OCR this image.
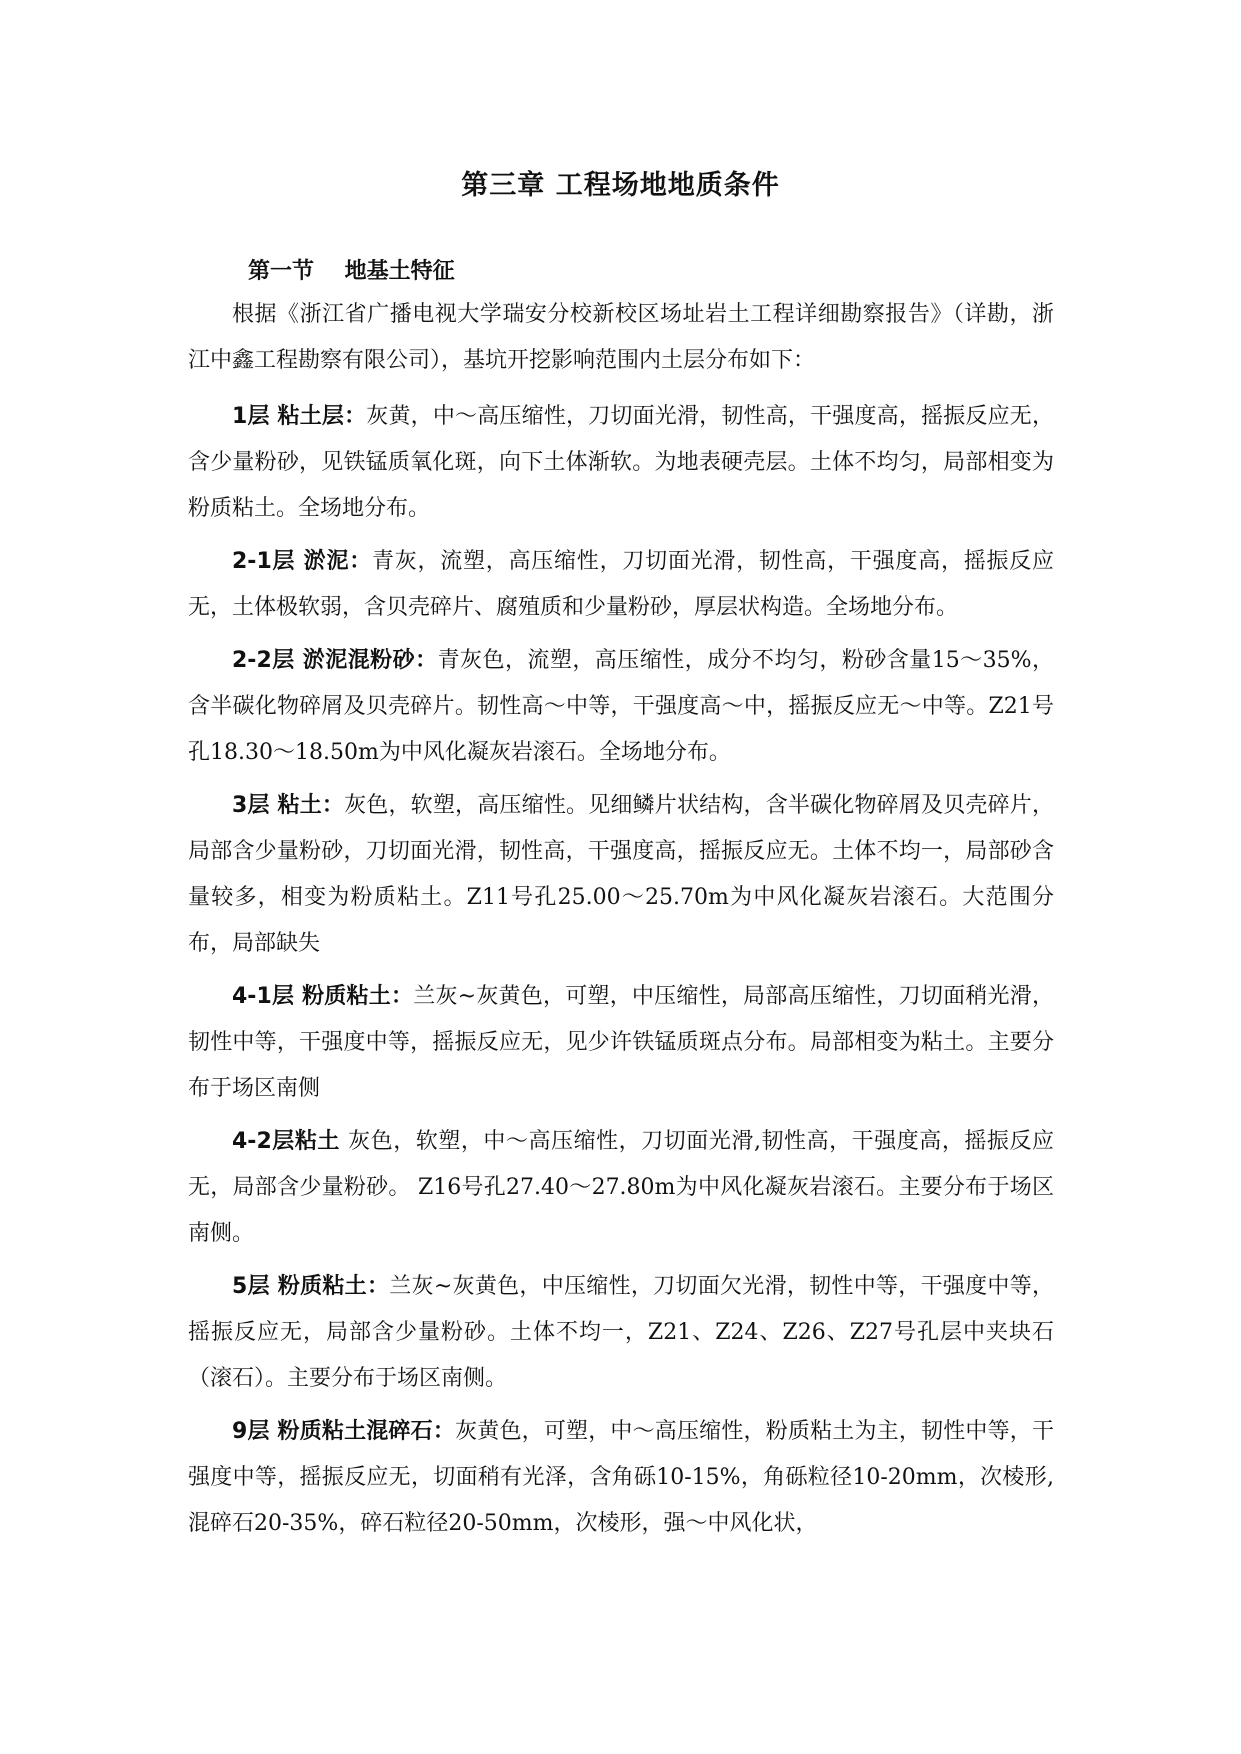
第三章 工程场地地质条件
第一节    地基土特征

根据《浙江省广播电视大学瑞安分校新校区场址岩土工程详细勘察报告》（详勘，浙江中鑫工程勘察有限公司），基坑开挖影响范围内土层分布如下：

1层 粘土层：灰黄，中～高压缩性，刀切面光滑，韧性高，干强度高，摇振反应无，含少量粉砂，见铁锰质氧化斑，向下土体渐软。为地表硬壳层。土体不均匀，局部相变为粉质粘土。全场地分布。

2-1层 淤泥：青灰，流塑，高压缩性，刀切面光滑，韧性高，干强度高，摇振反应无，土体极软弱，含贝壳碎片、腐殖质和少量粉砂，厚层状构造。全场地分布。

2-2层 淤泥混粉砂：青灰色，流塑，高压缩性，成分不均匀，粉砂含量15～35%，含半碳化物碎屑及贝壳碎片。韧性高～中等，干强度高～中，摇振反应无～中等。Z21号孔18.30～18.50m为中风化凝灰岩滚石。全场地分布。

3层 粘土：灰色，软塑，高压缩性。见细鳞片状结构，含半碳化物碎屑及贝壳碎片，局部含少量粉砂，刀切面光滑，韧性高，干强度高，摇振反应无。土体不均一，局部砂含量较多，相变为粉质粘土。Z11号孔25.00～25.70m为中风化凝灰岩滚石。大范围分布，局部缺失

4-1层 粉质粘土：兰灰~灰黄色，可塑，中压缩性，局部高压缩性，刀切面稍光滑，韧性中等，干强度中等，摇振反应无，见少许铁锰质斑点分布。局部相变为粘土。主要分布于场区南侧

4-2层粘土 灰色，软塑，中～高压缩性，刀切面光滑,韧性高，干强度高，摇振反应无，局部含少量粉砂。 Z16号孔27.40～27.80m为中风化凝灰岩滚石。主要分布于场区南侧。

5层 粉质粘土：兰灰~灰黄色，中压缩性，刀切面欠光滑，韧性中等，干强度中等，摇振反应无，局部含少量粉砂。土体不均一，Z21、Z24、Z26、Z27号孔层中夹块石（滚石）。主要分布于场区南侧。

9层 粉质粘土混碎石：灰黄色，可塑，中～高压缩性，粉质粘土为主，韧性中等，干强度中等，摇振反应无，切面稍有光泽，含角砾10-15%，角砾粒径10-20mm，次棱形, 混碎石20-35%，碎石粒径20-50mm，次棱形，强～中风化状，
